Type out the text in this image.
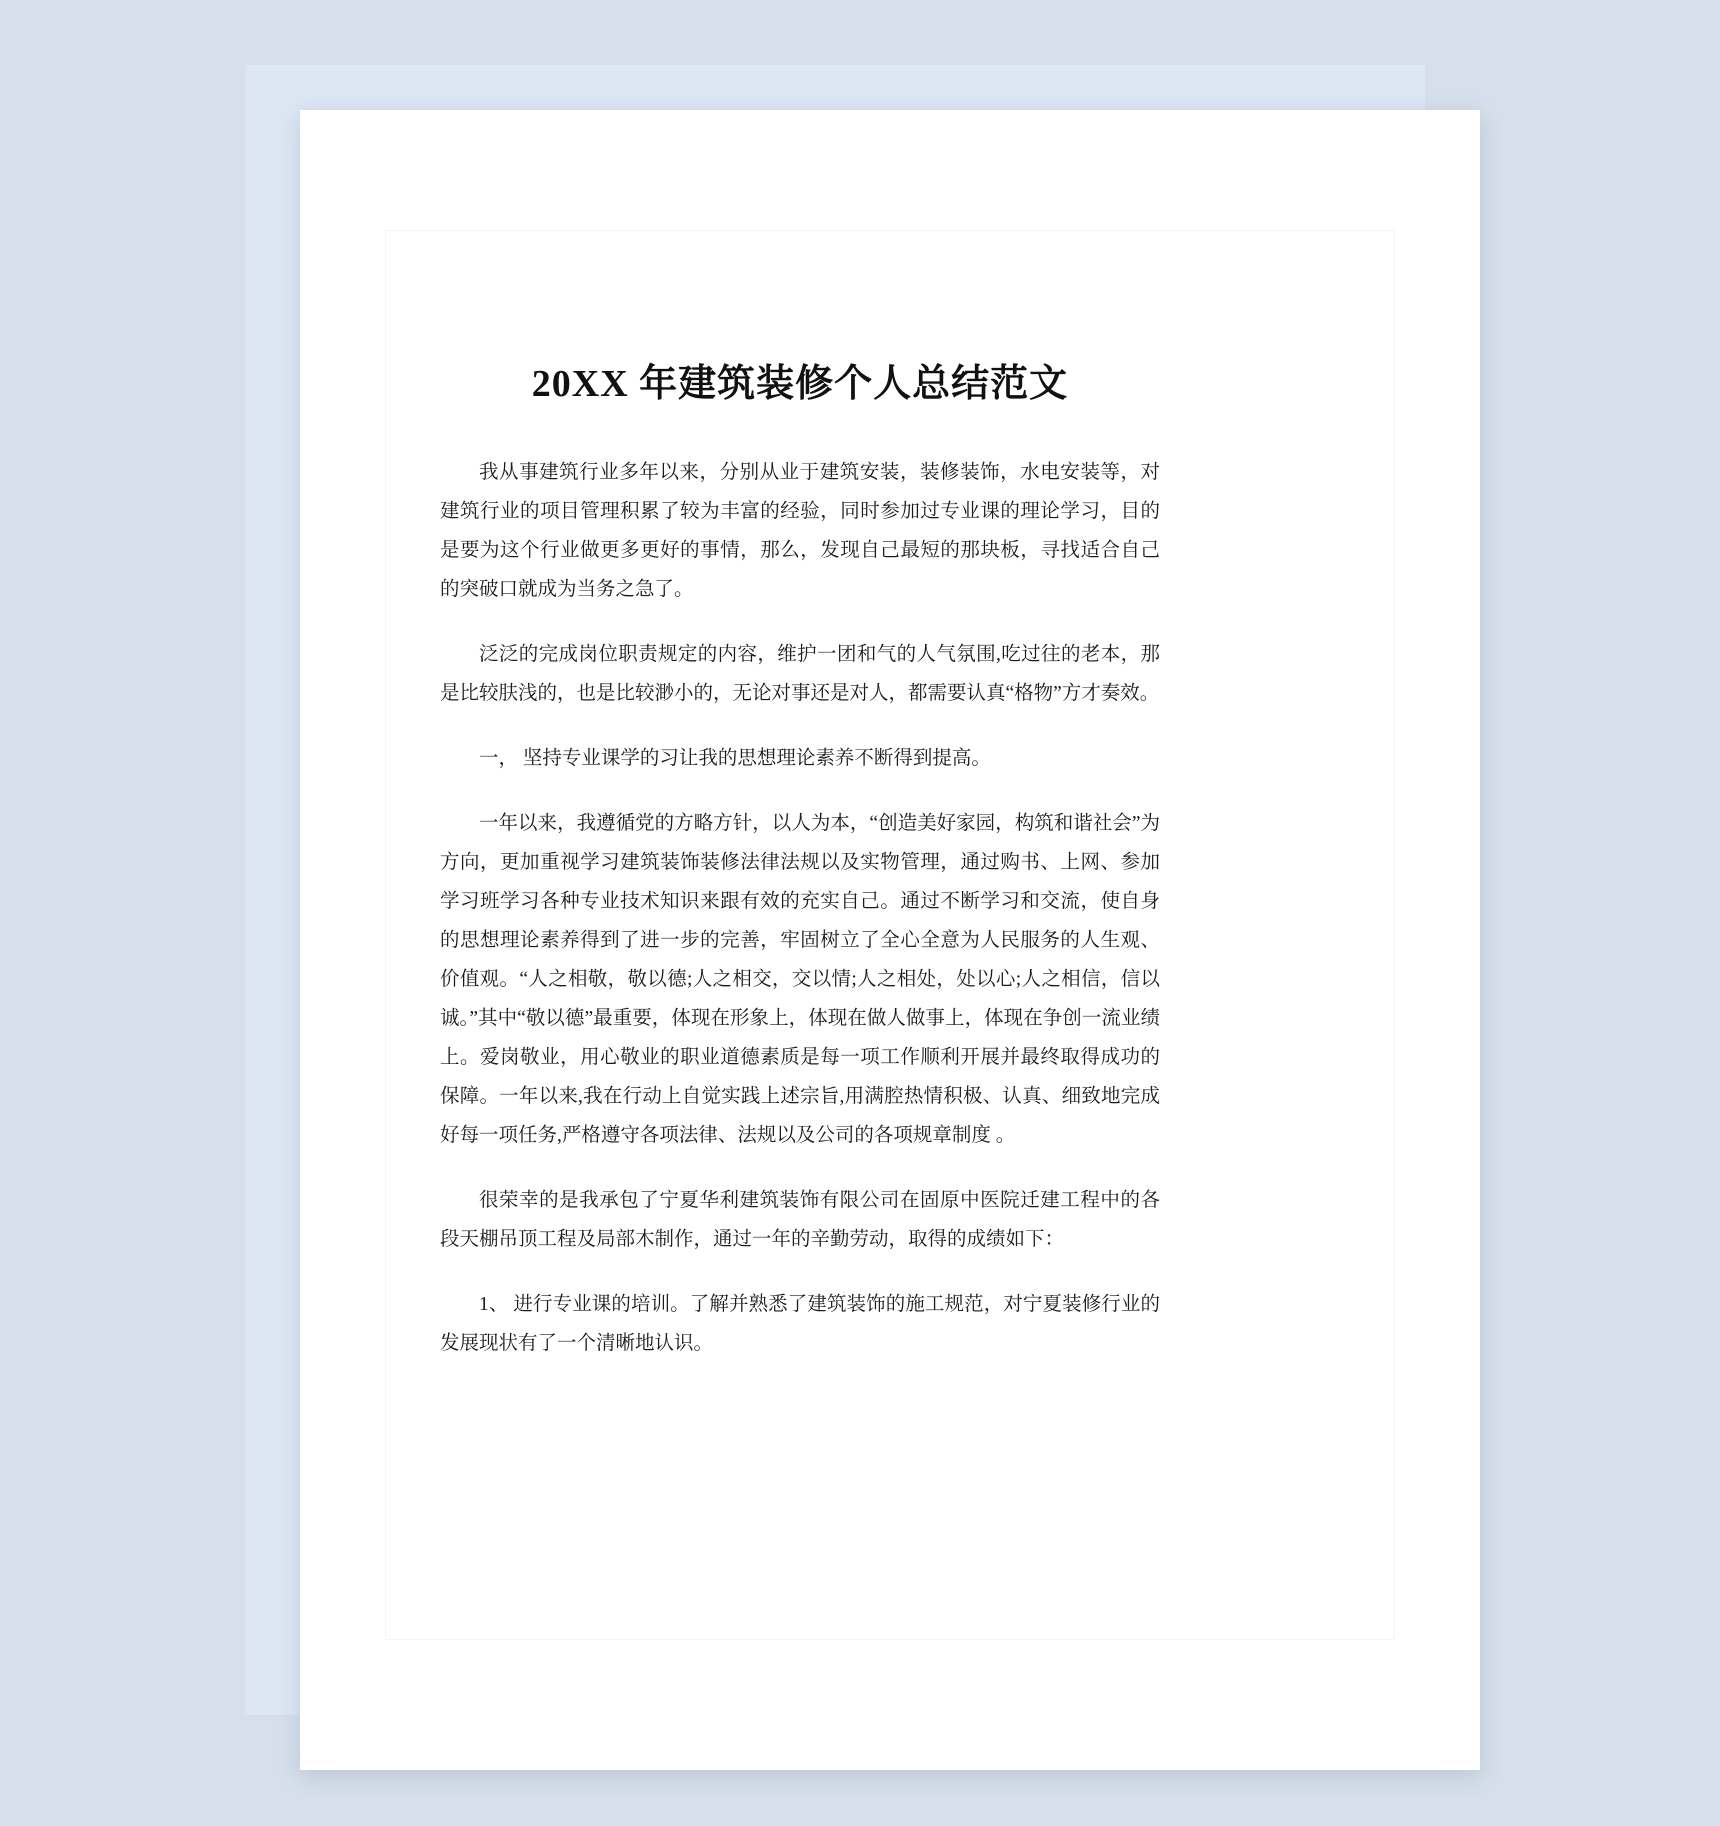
20XX 年建筑装修个人总结范文

我从事建筑行业多年以来，分别从业于建筑安装，装修装饰，水电安装等，对建筑行业的项目管理积累了较为丰富的经验，同时参加过专业课的理论学习，目的是要为这个行业做更多更好的事情，那么，发现自己最短的那块板，寻找适合自己的突破口就成为当务之急了。

泛泛的完成岗位职责规定的内容，维护一团和气的人气氛围,吃过往的老本，那是比较肤浅的，也是比较渺小的，无论对事还是对人，都需要认真“格物”方才奏效。

一， 坚持专业课学的习让我的思想理论素养不断得到提高。

一年以来，我遵循党的方略方针，以人为本，“创造美好家园，构筑和谐社会”为方向，更加重视学习建筑装饰装修法律法规以及实物管理，通过购书、上网、参加学习班学习各种专业技术知识来跟有效的充实自己。通过不断学习和交流，使自身的思想理论素养得到了进一步的完善，牢固树立了全心全意为人民服务的人生观、价值观。“人之相敬，敬以德;人之相交，交以情;人之相处，处以心;人之相信，信以诚。”其中“敬以德”最重要，体现在形象上，体现在做人做事上，体现在争创一流业绩上。爱岗敬业，用心敬业的职业道德素质是每一项工作顺利开展并最终取得成功的保障。一年以来,我在行动上自觉实践上述宗旨,用满腔热情积极、认真、细致地完成好每一项任务,严格遵守各项法律、法规以及公司的各项规章制度 。

很荣幸的是我承包了宁夏华利建筑装饰有限公司在固原中医院迁建工程中的各段天棚吊顶工程及局部木制作，通过一年的辛勤劳动，取得的成绩如下：

1、 进行专业课的培训。了解并熟悉了建筑装饰的施工规范，对宁夏装修行业的发展现状有了一个清晰地认识。
